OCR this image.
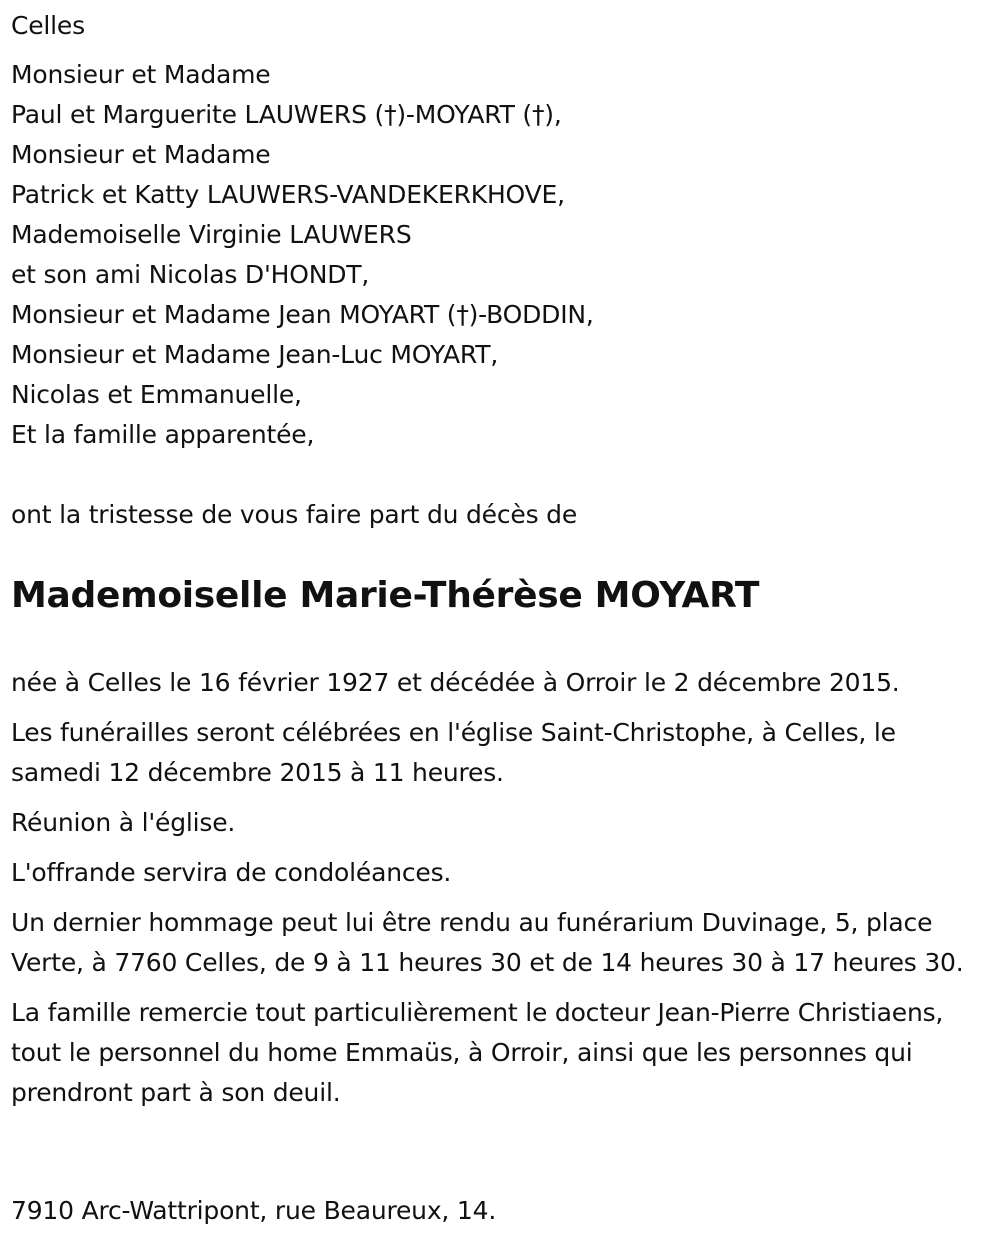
Celles
Monsieur et Madame
Paul et Marguerite LAUWERS (†)-MOYART (†),
Monsieur et Madame
Patrick et Katty LAUWERS-VANDEKERKHOVE,
Mademoiselle Virginie LAUWERS
et son ami Nicolas D'HONDT,
Monsieur et Madame Jean MOYART (†)-BODDIN,
Monsieur et Madame Jean-Luc MOYART,
Nicolas et Emmanuelle,
Et la famille apparentée,
ont la tristesse de vous faire part du décès de
Mademoiselle Marie-Thérèse MOYART

née à Celles le 16 février 1927 et décédée à Orroir le 2 décembre 2015.

Les funérailles seront célébrées en l'église Saint-Christophe, à Celles, le samedi 12 décembre 2015 à 11 heures.

Réunion à l'église.

L'offrande servira de condoléances.

Un dernier hommage peut lui être rendu au funérarium Duvinage, 5, place Verte, à 7760 Celles, de 9 à 11 heures 30 et de 14 heures 30 à 17 heures 30.

La famille remercie tout particulièrement le docteur Jean-Pierre Christiaens, tout le personnel du home Emmaüs, à Orroir, ainsi que les personnes qui prendront part à son deuil.

7910 Arc-Wattripont, rue Beaureux, 14.
